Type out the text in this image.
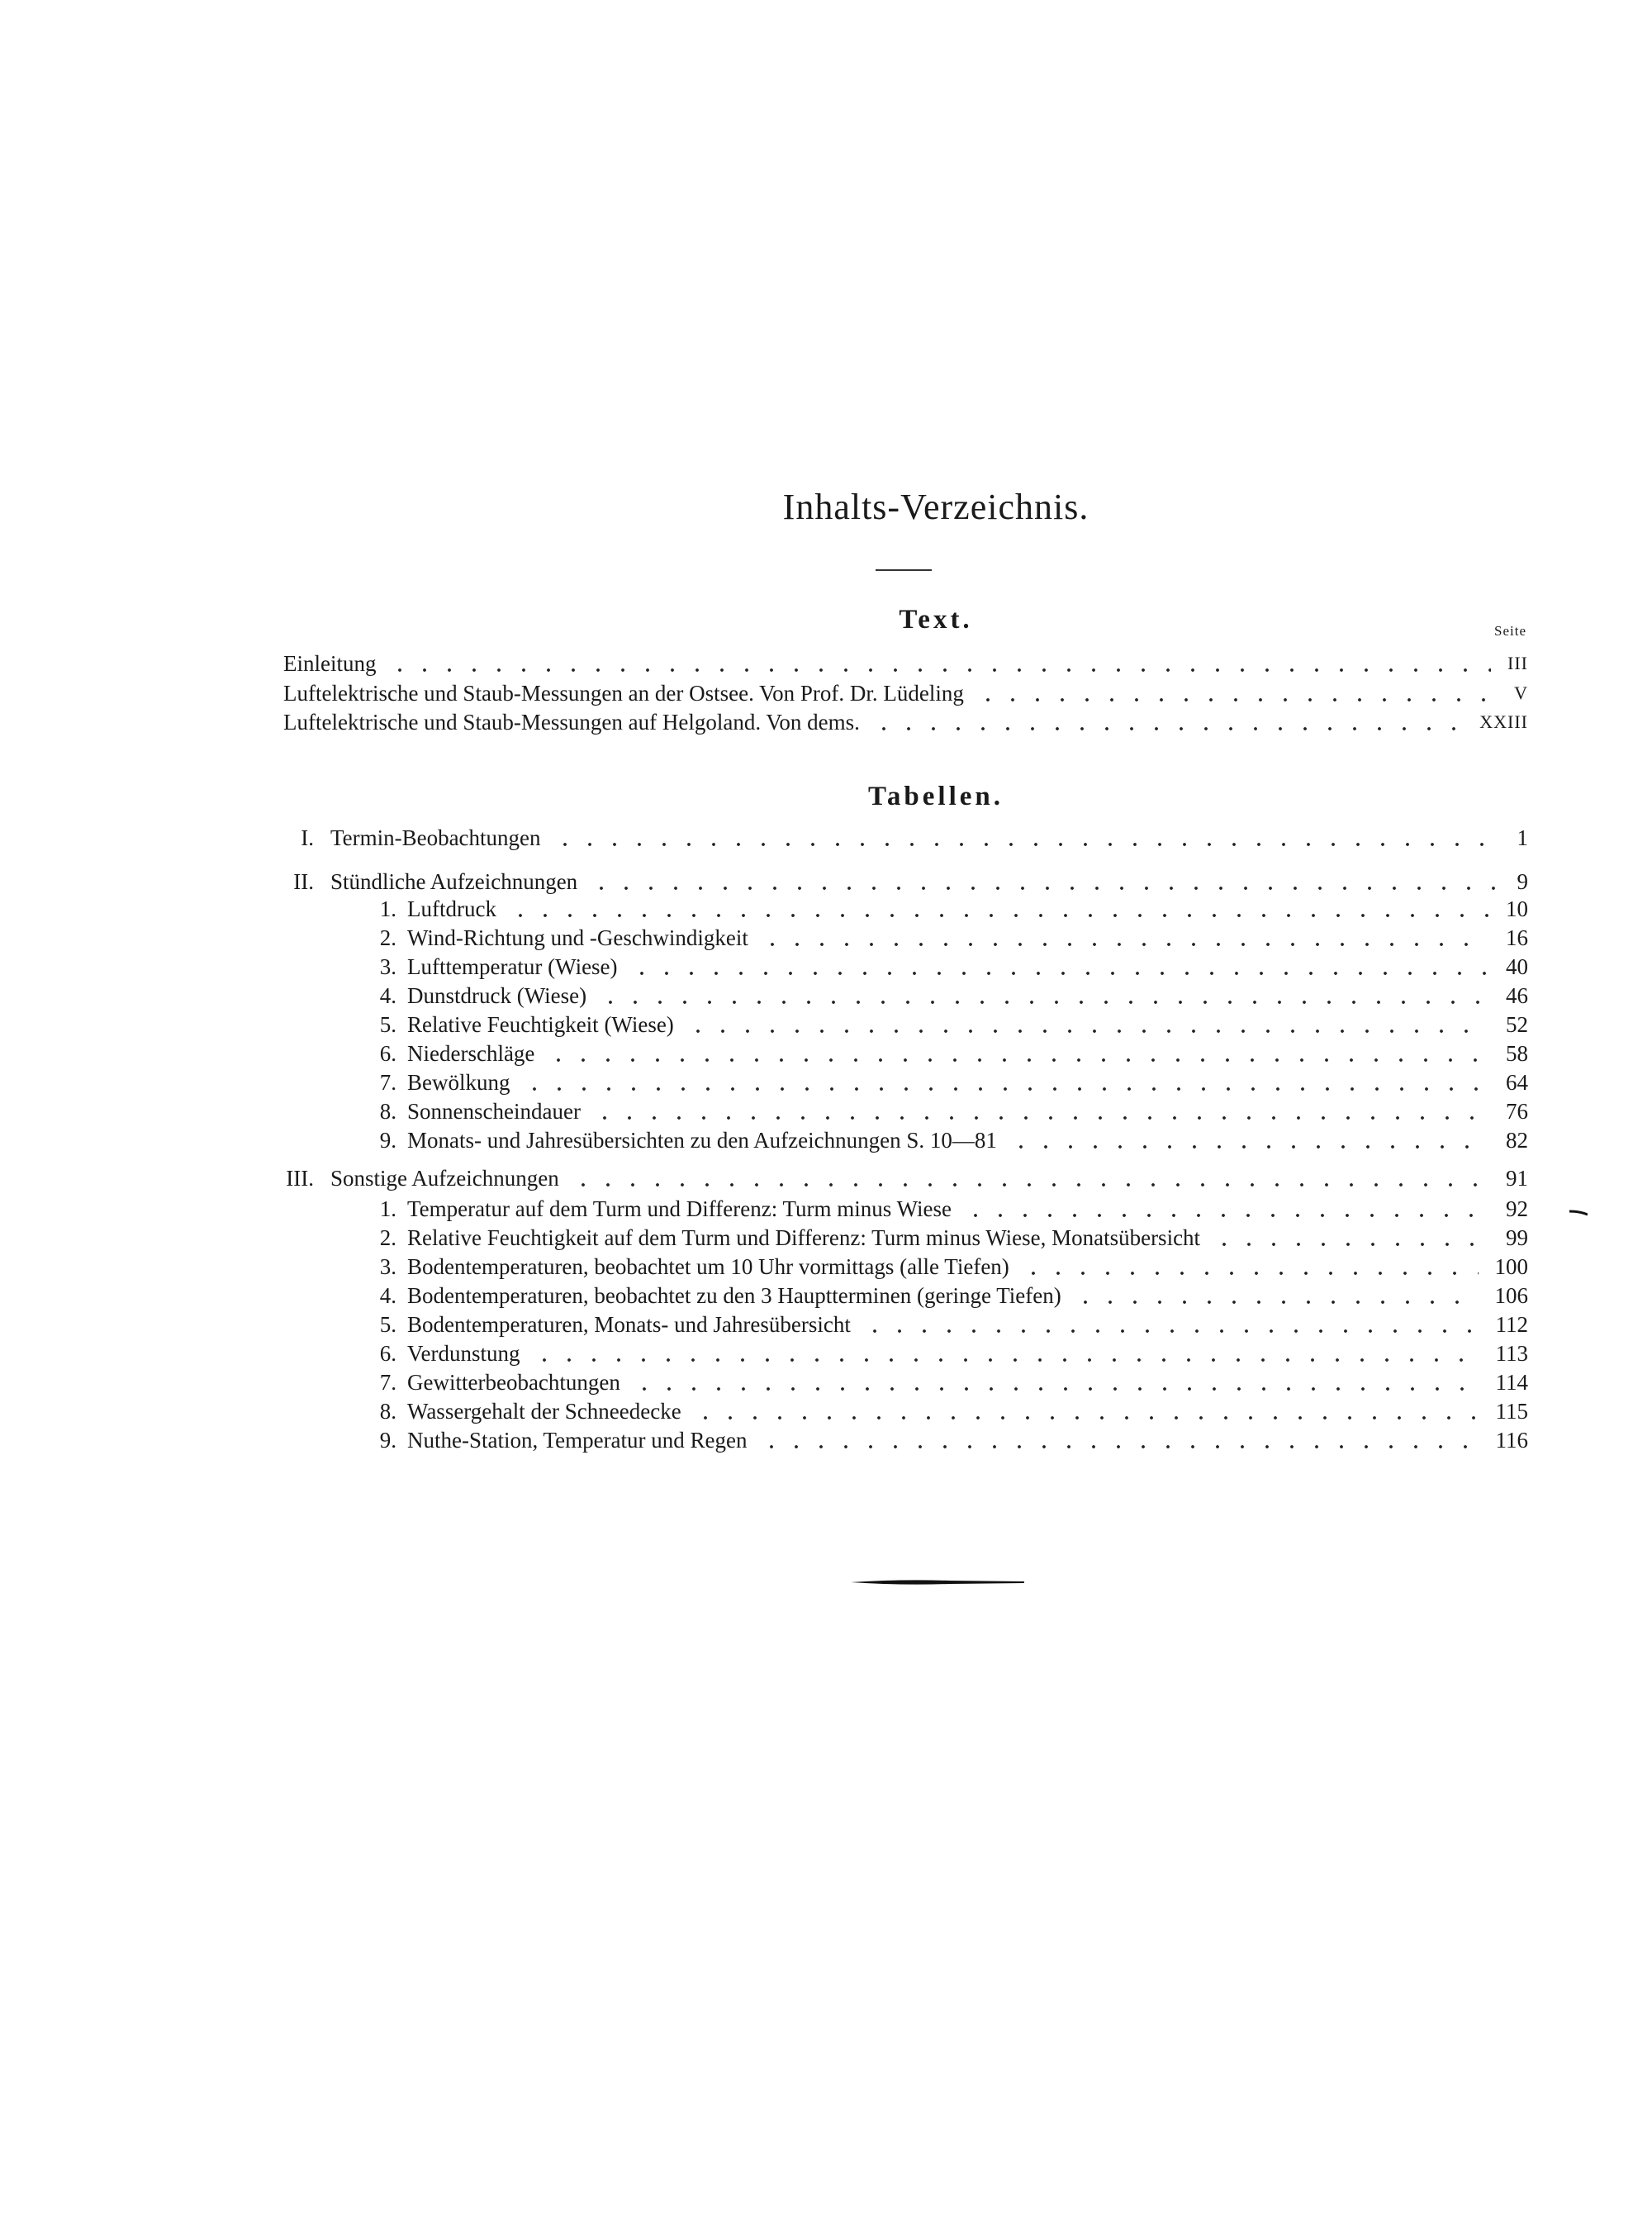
Inhalts-Verzeichnis.
Text.	Seite
Einleitung	III
Luftelektrische und Staub-Messungen an der Ostsee. Von Prof. Dr. Lüdeling	V
Luftelektrische und Staub-Messungen auf Helgoland. Von dems.	XXIII
Tabellen.
I. Termin-Beobachtungen	1
II. Stündliche Aufzeichnungen	9
1. Luftdruck	10
2. Wind-Richtung und -Geschwindigkeit	16
3. Lufttemperatur (Wiese)	40
4. Dunstdruck (Wiese)	46
5. Relative Feuchtigkeit (Wiese)	52
6. Niederschläge	58
7. Bewölkung	64
8. Sonnenscheindauer	76
9. Monats- und Jahresübersichten zu den Aufzeichnungen S. 10—81	82
III. Sonstige Aufzeichnungen	91
1. Temperatur auf dem Turm und Differenz: Turm minus Wiese	92
2. Relative Feuchtigkeit auf dem Turm und Differenz: Turm minus Wiese, Monatsübersicht	99
3. Bodentemperaturen, beobachtet um 10 Uhr vormittags (alle Tiefen)	100
4. Bodentemperaturen, beobachtet zu den 3 Hauptterminen (geringe Tiefen)	106
5. Bodentemperaturen, Monats- und Jahresübersicht	112
6. Verdunstung	113
7. Gewitterbeobachtungen	114
8. Wassergehalt der Schneedecke	115
9. Nuthe-Station, Temperatur und Regen	116
